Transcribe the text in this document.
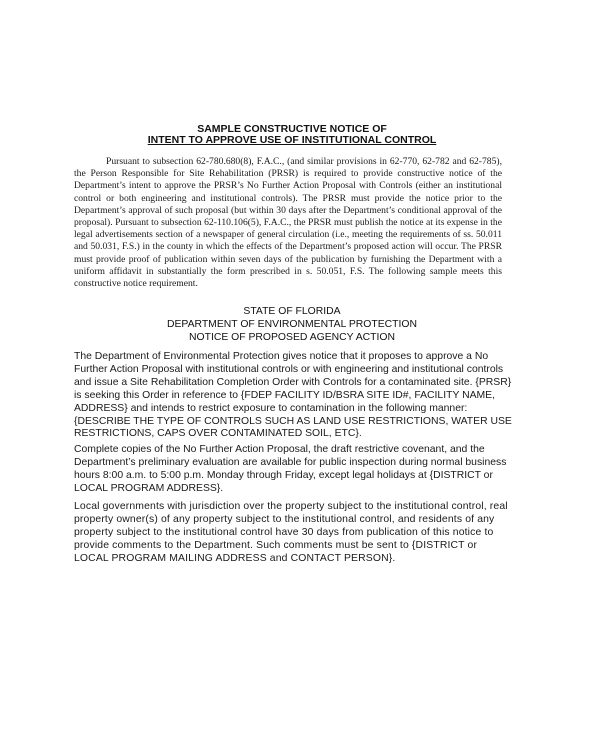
SAMPLE CONSTRUCTIVE NOTICE OF
INTENT TO APPROVE USE OF INSTITUTIONAL CONTROL
Pursuant to subsection 62-780.680(8), F.A.C., (and similar provisions in 62-770, 62-782 and 62-785), the Person Responsible for Site Rehabilitation (PRSR) is required to provide constructive notice of the Department’s intent to approve the PRSR’s No Further Action Proposal with Controls (either an institutional control or both engineering and institutional controls). The PRSR must provide the notice prior to the Department’s approval of such proposal (but within 30 days after the Department’s conditional approval of the proposal). Pursuant to subsection 62-110.106(5), F.A.C., the PRSR must publish the notice at its expense in the legal advertisements section of a newspaper of general circulation (i.e., meeting the requirements of ss. 50.011 and 50.031, F.S.) in the county in which the effects of the Department’s proposed action will occur. The PRSR must provide proof of publication within seven days of the publication by furnishing the Department with a uniform affidavit in substantially the form prescribed in s. 50.051, F.S. The following sample meets this constructive notice requirement.
STATE OF FLORIDA
DEPARTMENT OF ENVIRONMENTAL PROTECTION
NOTICE OF PROPOSED AGENCY ACTION
The Department of Environmental Protection gives notice that it proposes to approve a No Further Action Proposal with institutional controls or with engineering and institutional controls and issue a Site Rehabilitation Completion Order with Controls for a contaminated site. {PRSR} is seeking this Order in reference to {FDEP FACILITY ID/BSRA SITE ID#, FACILITY NAME, ADDRESS} and intends to restrict exposure to contamination in the following manner: {DESCRIBE THE TYPE OF CONTROLS SUCH AS LAND USE RESTRICTIONS, WATER USE RESTRICTIONS, CAPS OVER CONTAMINATED SOIL, ETC}.
Complete copies of the No Further Action Proposal, the draft restrictive covenant, and the Department’s preliminary evaluation are available for public inspection during normal business hours 8:00 a.m. to 5:00 p.m. Monday through Friday, except legal holidays at {DISTRICT or LOCAL PROGRAM ADDRESS}.
Local governments with jurisdiction over the property subject to the institutional control, real property owner(s) of any property subject to the institutional control, and residents of any property subject to the institutional control have 30 days from publication of this notice to provide comments to the Department. Such comments must be sent to {DISTRICT or LOCAL PROGRAM MAILING ADDRESS and CONTACT PERSON}.
